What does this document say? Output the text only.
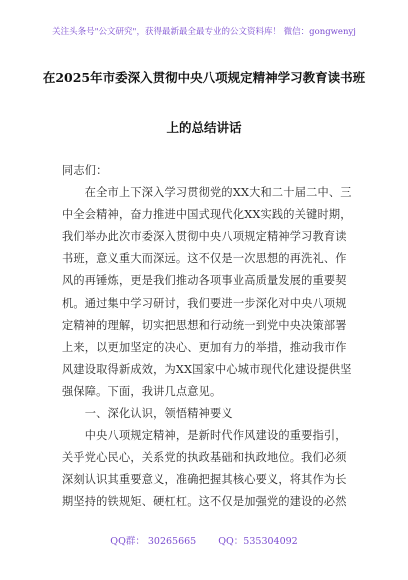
关注头条号"公文研究"，获得最新最全最专业的公文资料库！ 微信：gongwenyj
在2025年市委深入贯彻中央八项规定精神学习教育读书班
上的总结讲话
同志们：
　　在全市上下深入学习贯彻党的XX大和二十届二中、三
中全会精神，奋力推进中国式现代化XX实践的关键时期，
我们举办此次市委深入贯彻中央八项规定精神学习教育读
书班，意义重大而深远。这不仅是一次思想的再洗礼、作
风的再锤炼，更是我们推动各项事业高质量发展的重要契
机。通过集中学习研讨，我们要进一步深化对中央八项规
定精神的理解，切实把思想和行动统一到党中央决策部署
上来，以更加坚定的决心、更加有力的举措，推动我市作
风建设取得新成效，为XX国家中心城市现代化建设提供坚
强保障。下面，我讲几点意见。
　　一、深化认识，领悟精神要义
　　中央八项规定精神，是新时代作风建设的重要指引，
关乎党心民心，关系党的执政基础和执政地位。我们必须
深刻认识其重要意义，准确把握其核心要义，将其作为长
期坚持的铁规矩、硬杠杠。这不仅是加强党的建设的必然
QQ群： 30265665 QQ：535304092
